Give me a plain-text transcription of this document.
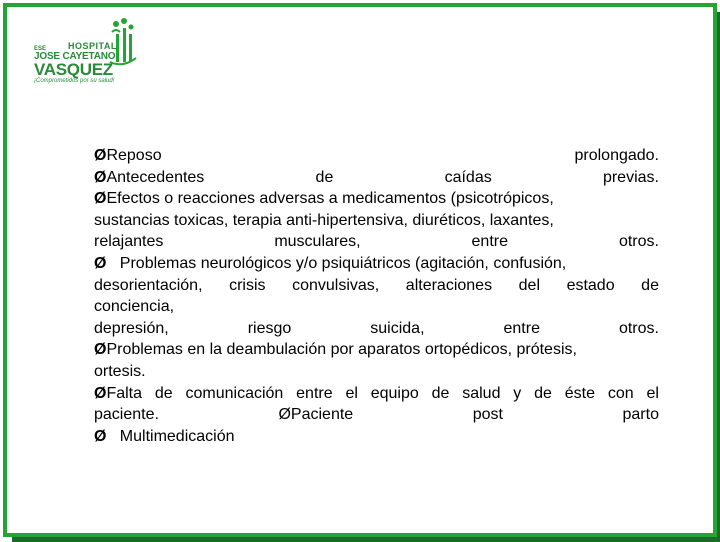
ESE HOSPITAL
JOSE CAYETANO
VASQUEZ
¡Comprometidos por su salud!
ØReposo	prolongado.
ØAntecedentes	de	caídas	previas.
ØEfectos o reacciones adversas a medicamentos (psicotrópicos,
sustancias toxicas, terapia anti-hipertensiva, diuréticos, laxantes,
relajantes	musculares,	entre	otros.
Ø   Problemas neurológicos y/o psiquiátricos (agitación, confusión,
desorientación, crisis convulsivas, alteraciones del estado de
conciencia,
depresión,	riesgo	suicida,	entre	otros.
ØProblemas en la deambulación por aparatos ortopédicos, prótesis,
ortesis.
ØFalta de comunicación entre el equipo de salud y de éste con el
paciente.	ØPaciente	post	parto
Ø   Multimedicación
